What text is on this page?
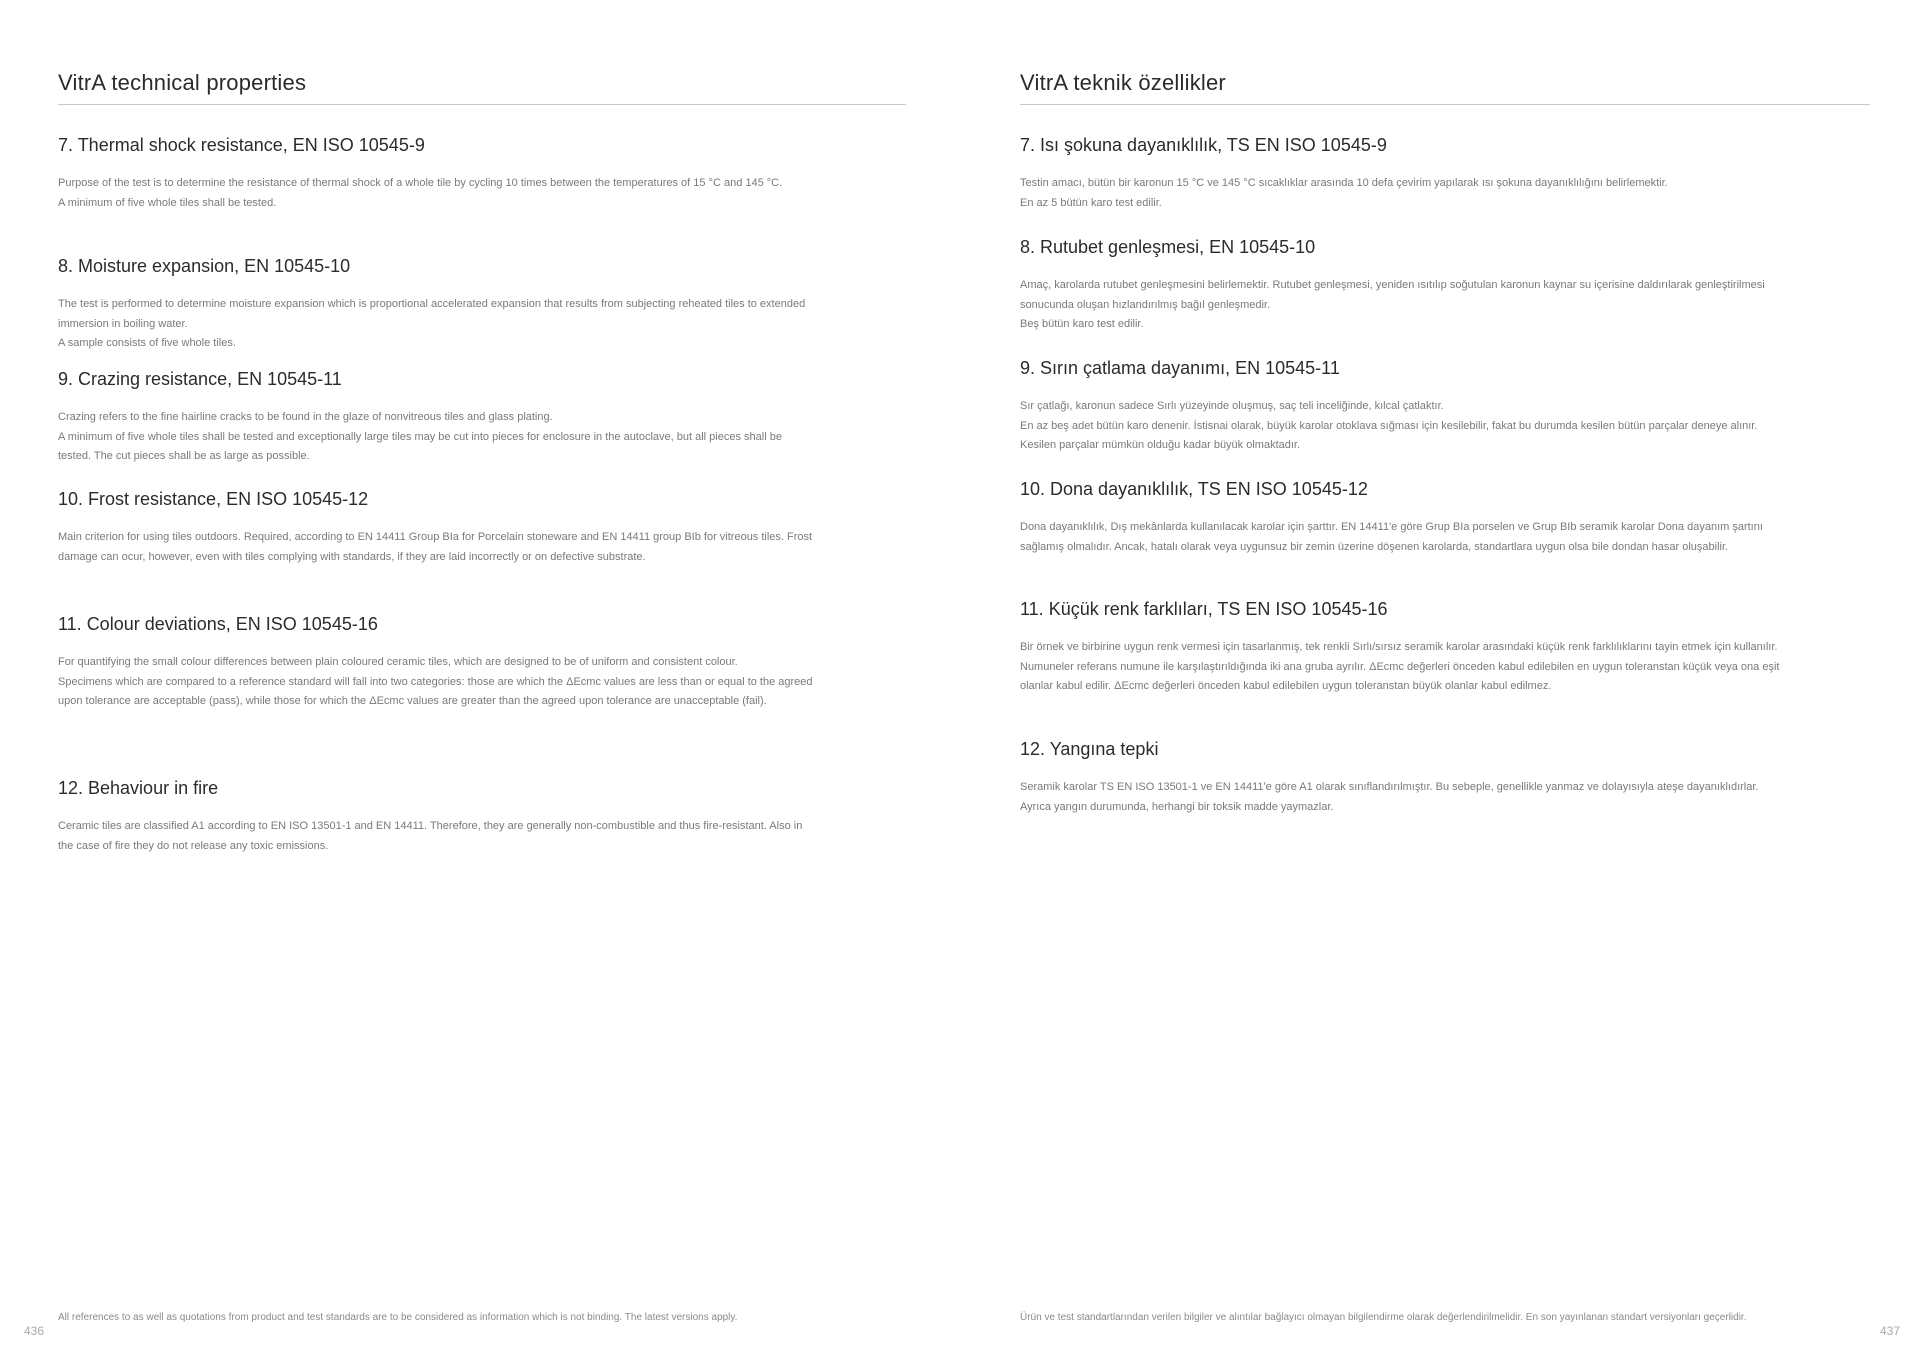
VitrA technical properties
7. Thermal shock resistance, EN ISO 10545-9

Purpose of the test is to determine the resistance of thermal shock of a whole tile by cycling 10 times between the temperatures of 15 °C and 145 °C.

A minimum of five whole tiles shall be tested.

8. Moisture expansion, EN 10545-10

The test is performed to determine moisture expansion which is proportional accelerated expansion that results from subjecting reheated tiles to extended immersion in boiling water.

A sample consists of five whole tiles.

9. Crazing resistance, EN 10545-11

Crazing refers to the fine hairline cracks to be found in the glaze of nonvitreous tiles and glass plating.

A minimum of five whole tiles shall be tested and exceptionally large tiles may be cut into pieces for enclosure in the autoclave, but all pieces shall be tested. The cut pieces shall be as large as possible.

10. Frost resistance, EN ISO 10545-12

Main criterion for using tiles outdoors. Required, according to EN 14411 Group BIa for Porcelain stoneware and EN 14411 group BIb for vitreous tiles. Frost damage can ocur, however, even with tiles complying with standards, if they are laid incorrectly or on defective substrate.

11. Colour deviations, EN ISO 10545-16

For quantifying the small colour differences between plain coloured ceramic tiles, which are designed to be of uniform and consistent colour.

Specimens which are compared to a reference standard will fall into two categories: those are which the ΔEcmc values are less than or equal to the agreed upon tolerance are acceptable (pass), while those for which the ΔEcmc values are greater than the agreed upon tolerance are unacceptable (fail).

12. Behaviour in fire

Ceramic tiles are classified A1 according to EN ISO 13501-1 and EN 14411. Therefore, they are generally non-combustible and thus fire-resistant. Also in the case of fire they do not release any toxic emissions.

All references to as well as quotations from product and test standards are to be considered as information which is not binding. The latest versions apply.
436
VitrA teknik özellikler
7. Isı şokuna dayanıklılık, TS EN ISO 10545-9

Testin amacı, bütün bir karonun 15 °C ve 145 °C sıcaklıklar arasında 10 defa çevirim yapılarak ısı şokuna dayanıklılığını belirlemektir.

En az 5 bütün karo test edilir.

8. Rutubet genleşmesi, EN 10545-10

Amaç, karolarda rutubet genleşmesini belirlemektir. Rutubet genleşmesi, yeniden ısıtılıp soğutulan karonun kaynar su içerisine daldırılarak genleştirilmesi sonucunda oluşan hızlandırılmış bağıl genleşmedir.

Beş bütün karo test edilir.

9. Sırın çatlama dayanımı, EN 10545-11

Sır çatlağı, karonun sadece Sırlı yüzeyinde oluşmuş, saç teli inceliğinde, kılcal çatlaktır.

En az beş adet bütün karo denenir. İstisnai olarak, büyük karolar otoklava sığması için kesilebilir, fakat bu durumda kesilen bütün parçalar deneye alınır. Kesilen parçalar mümkün olduğu kadar büyük olmaktadır.

10. Dona dayanıklılık, TS EN ISO 10545-12

Dona dayanıklılık, Dış mekânlarda kullanılacak karolar için şarttır. EN 14411'e göre Grup BIa porselen ve Grup BIb seramik karolar Dona dayanım şartını sağlamış olmalıdır. Ancak, hatalı olarak veya uygunsuz bir zemin üzerine döşenen karolarda, standartlara uygun olsa bile dondan hasar oluşabilir.

11. Küçük renk farklıları, TS EN ISO 10545-16

Bir örnek ve birbirine uygun renk vermesi için tasarlanmış, tek renkli Sırlı/sırsız seramik karolar arasındaki küçük renk farklılıklarını tayin etmek için kullanılır.

Numuneler referans numune ile karşılaştırıldığında iki ana gruba ayrılır. ΔEcmc değerleri önceden kabul edilebilen en uygun toleranstan küçük veya ona eşit olanlar kabul edilir. ΔEcmc değerleri önceden kabul edilebilen uygun toleranstan büyük olanlar kabul edilmez.

12. Yangına tepki

Seramik karolar TS EN ISO 13501-1 ve EN 14411'e göre A1 olarak sınıflandırılmıştır. Bu sebeple, genellikle yanmaz ve dolayısıyla ateşe dayanıklıdırlar. Ayrıca yangın durumunda, herhangi bir toksik madde yaymazlar.

Ürün ve test standartlarından verilen bilgiler ve alıntılar bağlayıcı olmayan bilgilendirme olarak değerlendirilmelidir. En son yayınlanan standart versiyonları geçerlidir.
437
